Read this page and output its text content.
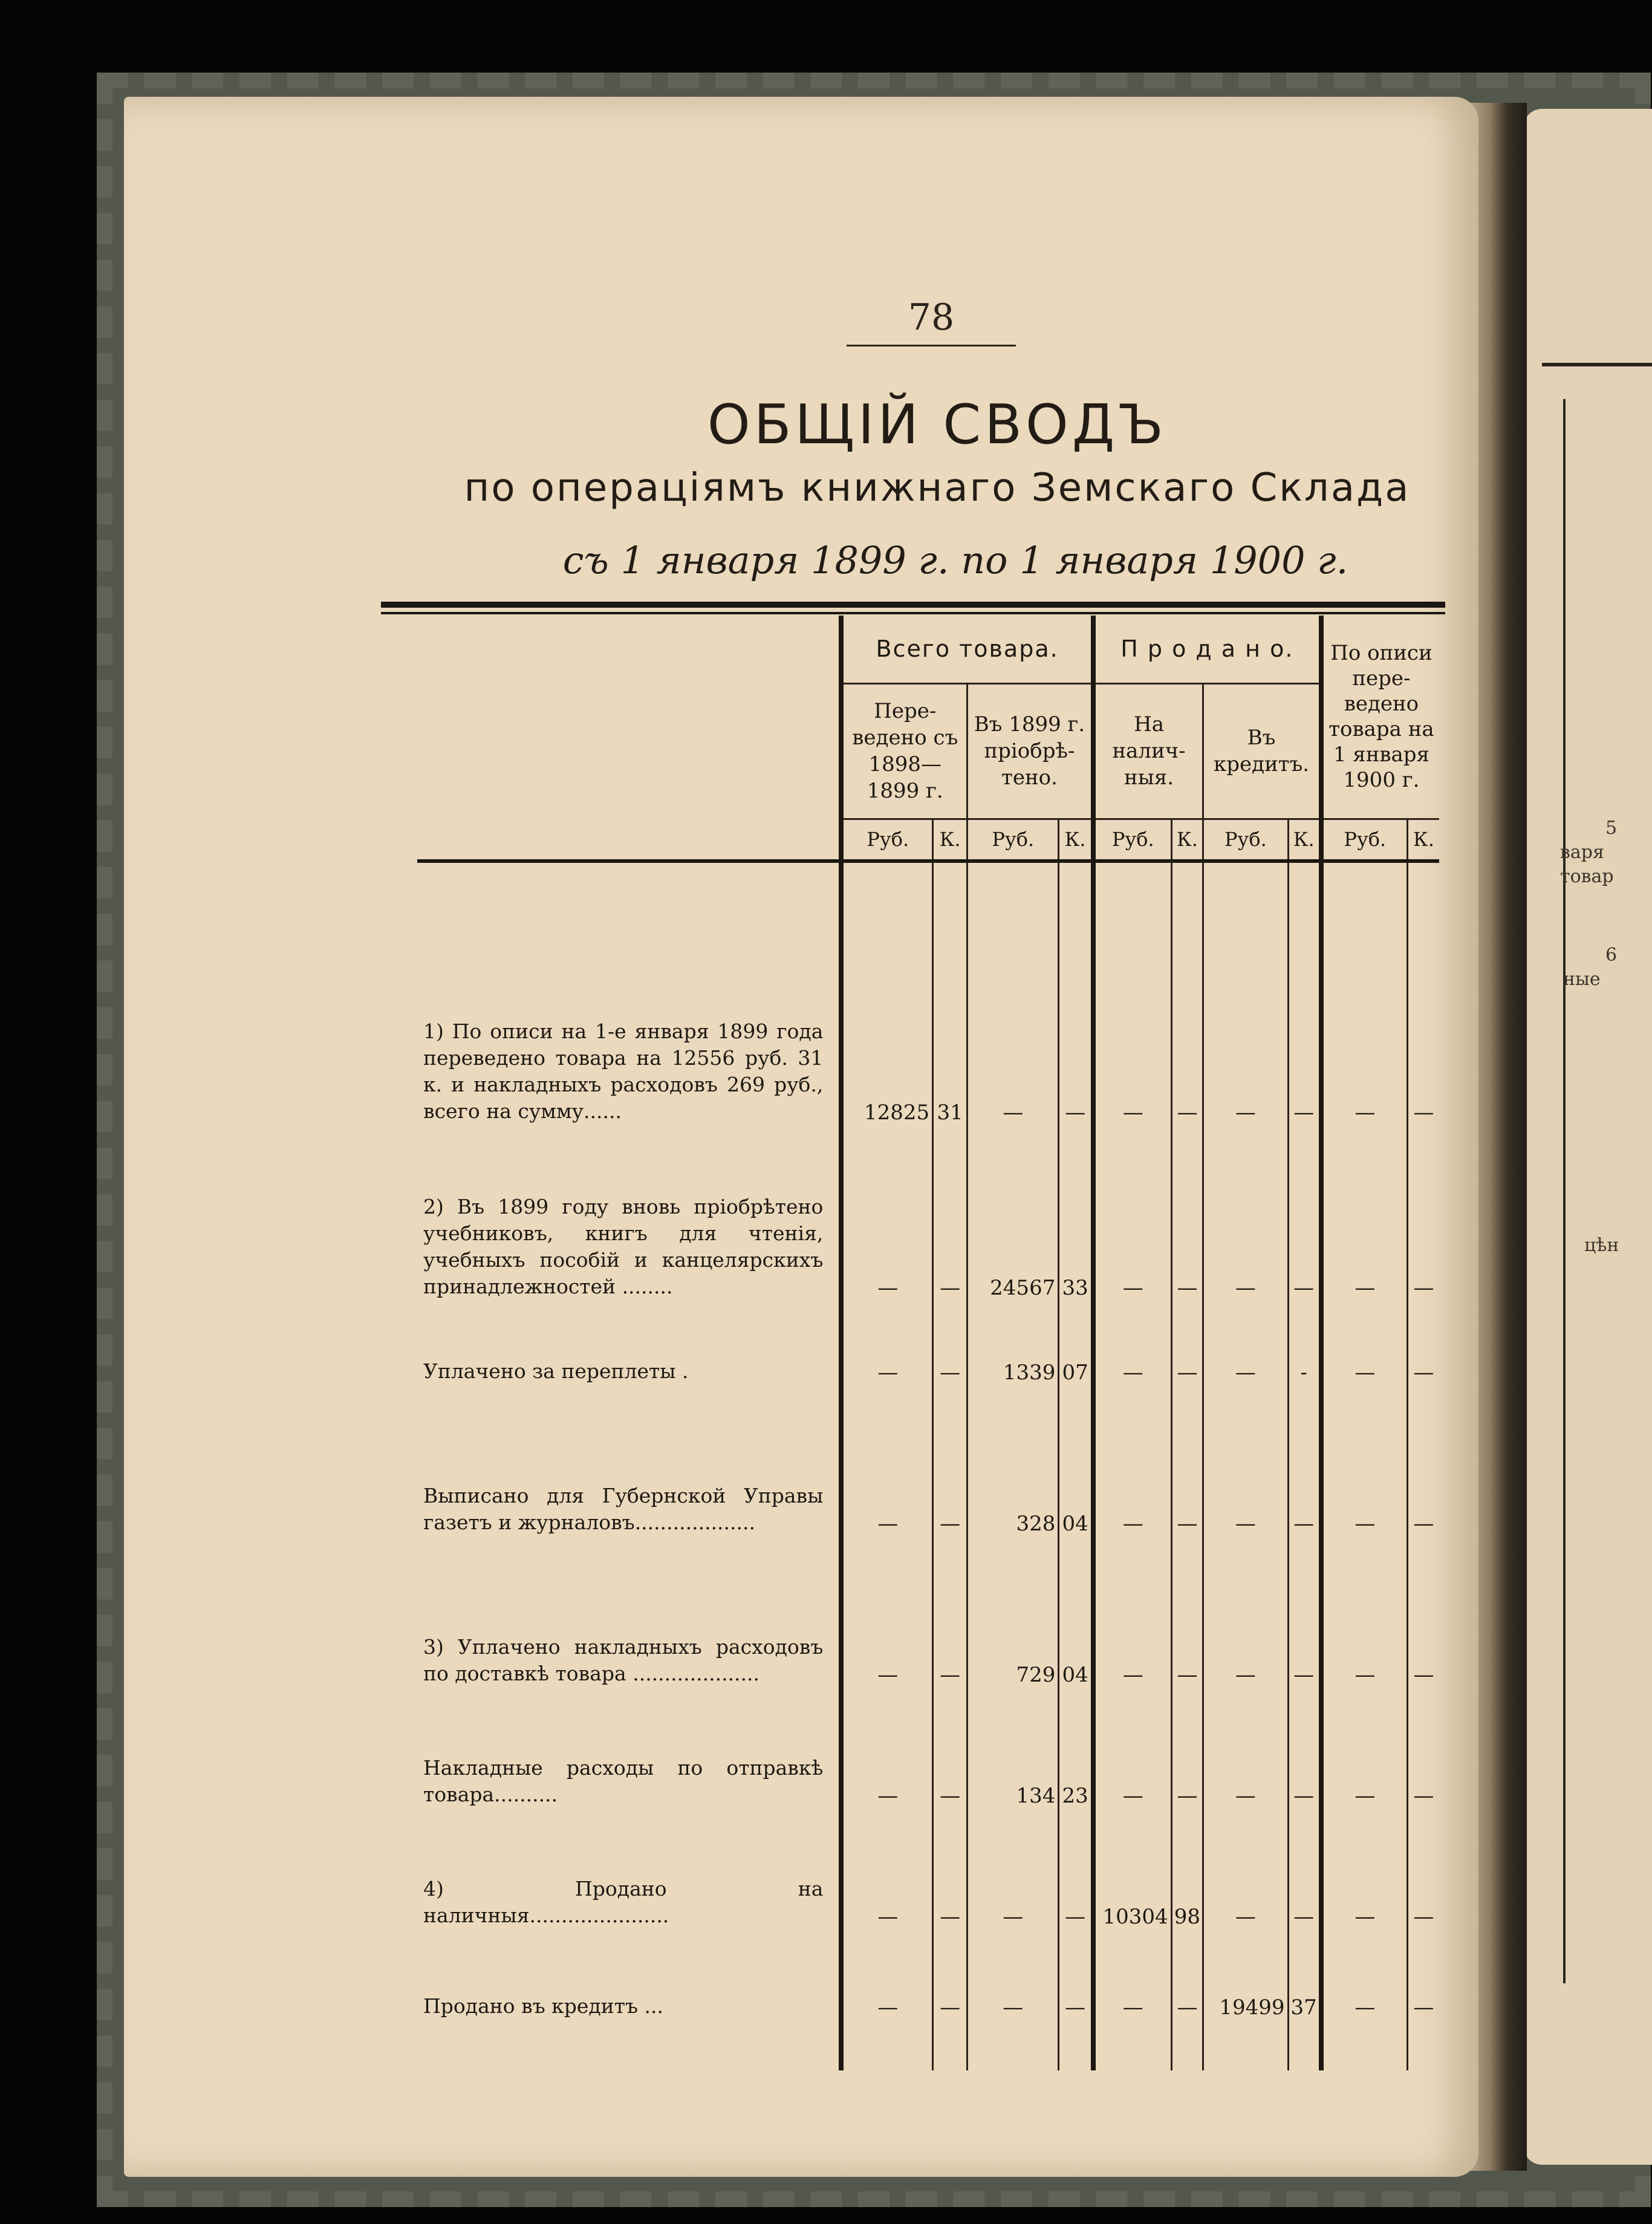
5
варя
товар
6
ные
цѣн
78
ОБЩІЙ СВОДЪ
по операціямъ книжнаго Земскаго Склада
съ 1 января 1899 г. по 1 января 1900 г.
	Всего товара.				П р о д а н о.				По описи пере- ведено товара на 1 января 1900 г.	
	Пере- ведено съ 1898— 1899 г.		Въ 1899 г. пріобрѣ- тено.		На налич- ныя.		Въ кредитъ.			
	Руб.	К.	Руб.	К.	Руб.	К.	Руб.	К.	Руб.	К.
1) По описи на 1-е января 1899 года переведено товара на 12556 руб. 31 к. и накладныхъ расходовъ 269 руб., всего на сумму......	12825	31	—	—	—	—	—	—	—	—
2) Въ 1899 году вновь пріобрѣтено учебниковъ, книгъ для чтенія, учебныхъ пособій и канцелярскихъ принадлежностей ........	—	—	24567	33	—	—	—	—	—	—
Уплачено за переплеты .	—	—	1339	07	—	—	—	-	—	—
Выписано для Губернской Управы газетъ и журналовъ...................	—	—	328	04	—	—	—	—	—	—
3) Уплачено накладныхъ расходовъ по доставкѣ товара ....................	—	—	729	04	—	—	—	—	—	—
Накладные расходы по отправкѣ товара..........	—	—	134	23	—	—	—	—	—	—
4) Продано на наличныя......................	—	—	—	—	10304	98	—	—	—	—
Продано въ кредитъ ...	—	—	—	—	—	—	19499	37	—	—
